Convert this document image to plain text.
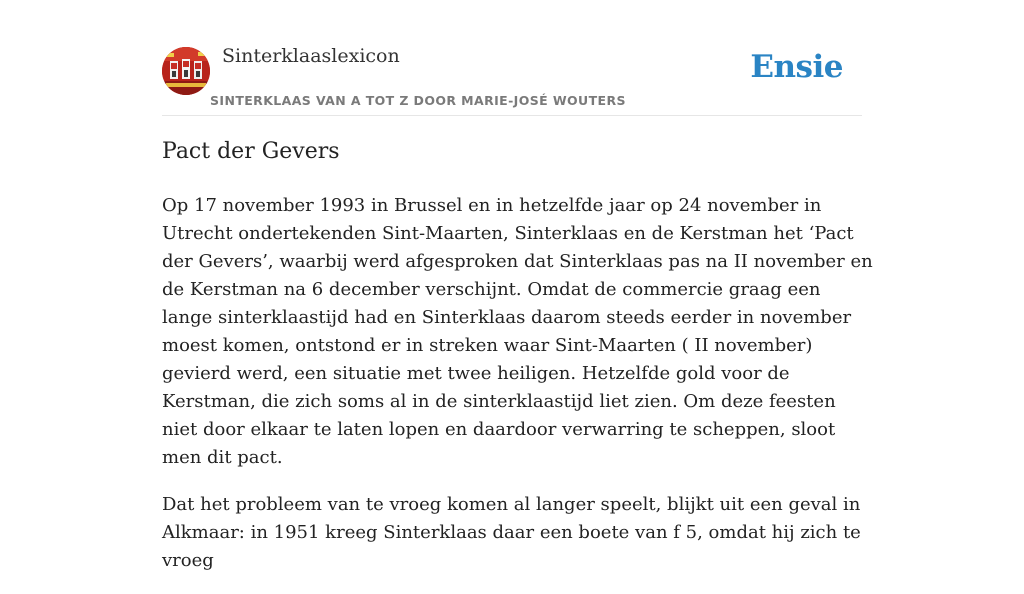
Sinterklaaslexicon
SINTERKLAAS VAN A TOT Z DOOR MARIE-JOSÉ WOUTERS
Ensie
Pact der Gevers

Op 17 november 1993 in Brussel en in hetzelfde jaar op 24 november in Utrecht ondertekenden Sint-Maarten, Sinterklaas en de Kerstman het ‘Pact der Gevers’, waarbij werd afgesproken dat Sinterklaas pas na II november en de Kerstman na 6 december verschijnt. Omdat de commercie graag een lange sinterklaastijd had en Sinterklaas daarom steeds eerder in november moest komen, ontstond er in streken waar Sint-Maarten ( II november) gevierd werd, een situatie met twee heiligen. Hetzelfde gold voor de Kerstman, die zich soms al in de sinterklaastijd liet zien. Om deze feesten niet door elkaar te laten lopen en daardoor verwarring te scheppen, sloot men dit pact.

Dat het probleem van te vroeg komen al langer speelt, blijkt uit een geval in Alkmaar: in 1951 kreeg Sinterklaas daar een boete van f 5, omdat hij zich te vroeg
